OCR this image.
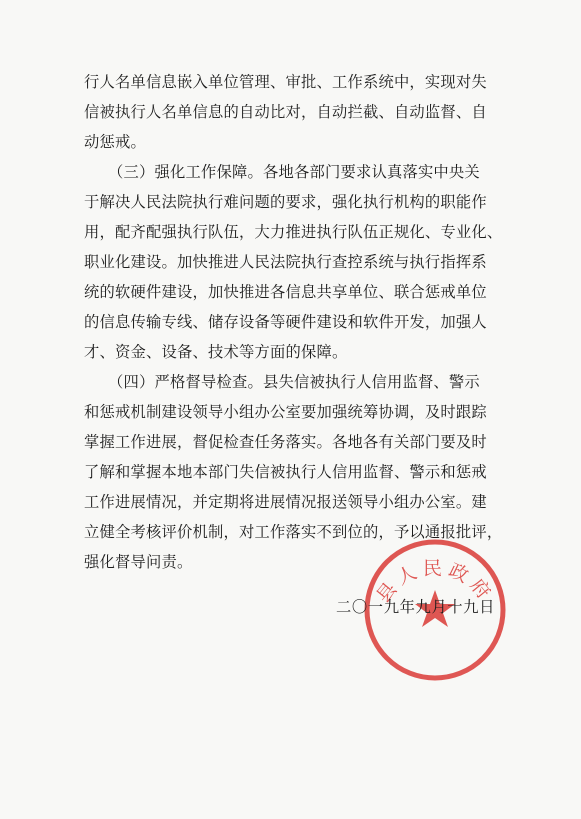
行人名单信息嵌入单位管理、审批、工作系统中，实现对失
信被执行人名单信息的自动比对，自动拦截、自动监督、自
动惩戒。
（三）强化工作保障。各地各部门要求认真落实中央关
于解决人民法院执行难问题的要求，强化执行机构的职能作
用，配齐配强执行队伍，大力推进执行队伍正规化、专业化、
职业化建设。加快推进人民法院执行查控系统与执行指挥系
统的软硬件建设，加快推进各信息共享单位、联合惩戒单位
的信息传输专线、储存设备等硬件建设和软件开发，加强人
才、资金、设备、技术等方面的保障。
（四）严格督导检查。县失信被执行人信用监督、警示
和惩戒机制建设领导小组办公室要加强统筹协调，及时跟踪
掌握工作进展，督促检查任务落实。各地各有关部门要及时
了解和掌握本地本部门失信被执行人信用监督、警示和惩戒
工作进展情况，并定期将进展情况报送领导小组办公室。建
立健全考核评价机制，对工作落实不到位的，予以通报批评，
强化督导问责。
县人民政府
二〇一九年九月十九日
